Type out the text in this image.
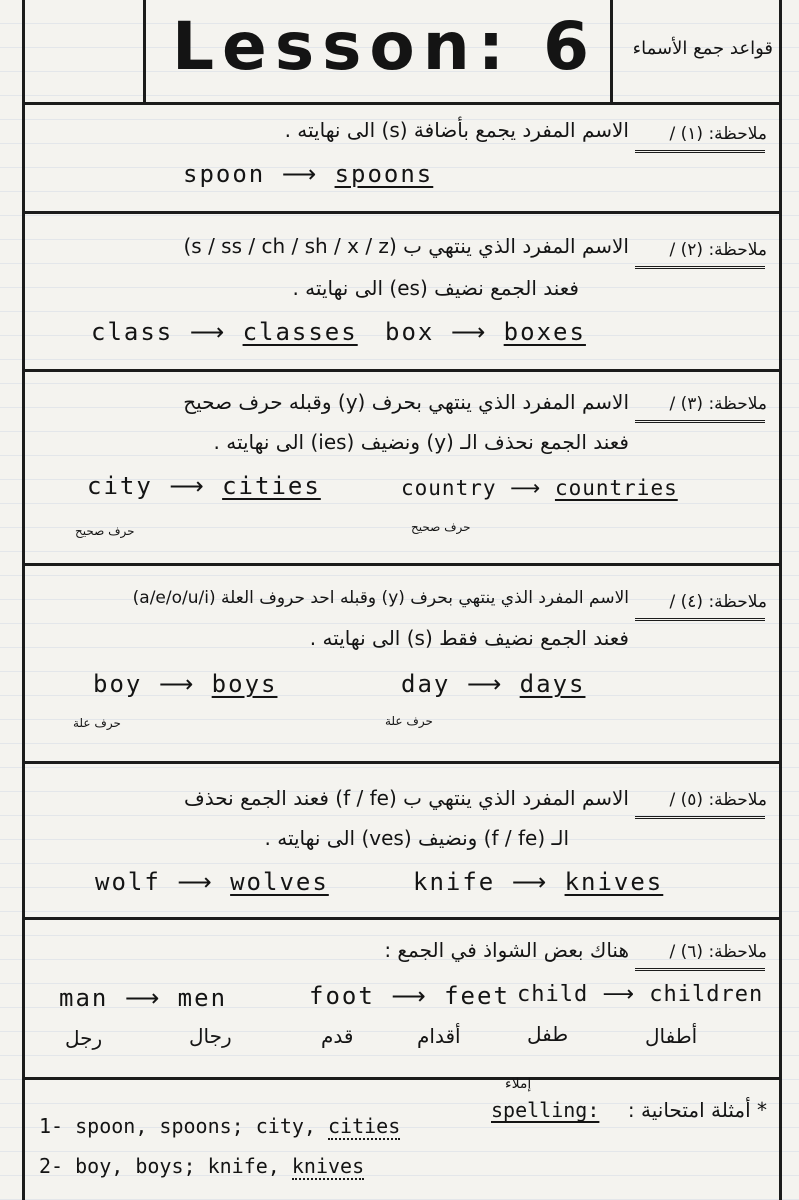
Lesson: 6 قواعد جمع الأسماء
الاسم المفرد يجمع بأضافة (s) الى نهايته . ملاحظة: (١) /
spoon ⟶ spoons
الاسم المفرد الذي ينتهي ب (s / ss / ch / sh / x / z) ملاحظة: (٢) /
فعند الجمع نضيف (es) الى نهايته .
class ⟶ classes box ⟶ boxes
الاسم المفرد الذي ينتهي بحرف (y) وقبله حرف صحيح ملاحظة: (٣) /
فعند الجمع نحذف الـ (y) ونضيف (ies) الى نهايته .
city ⟶ cities
حرف صحيح
country ⟶ countries
حرف صحيح
الاسم المفرد الذي ينتهي بحرف (y) وقبله احد حروف العلة (a/e/o/u/i) ملاحظة: (٤) /
فعند الجمع نضيف فقط (s) الى نهايته .
boy ⟶ boys
حرف علة
day ⟶ days
حرف علة
الاسم المفرد الذي ينتهي ب (f / fe) فعند الجمع نحذف ملاحظة: (٥) /
الـ (f / fe) ونضيف (ves) الى نهايته .
wolf ⟶ wolves	knife ⟶ knives
هناك بعض الشواذ في الجمع : ملاحظة: (٦) /
man ⟶ men
رجل	رجال
foot ⟶ feet
قدم	أقدام
child ⟶ children
طفل	أطفال
إملاء
* أمثلة امتحانية :
spelling:
1- spoon, spoons; city, cities
2- boy, boys; knife, knives
